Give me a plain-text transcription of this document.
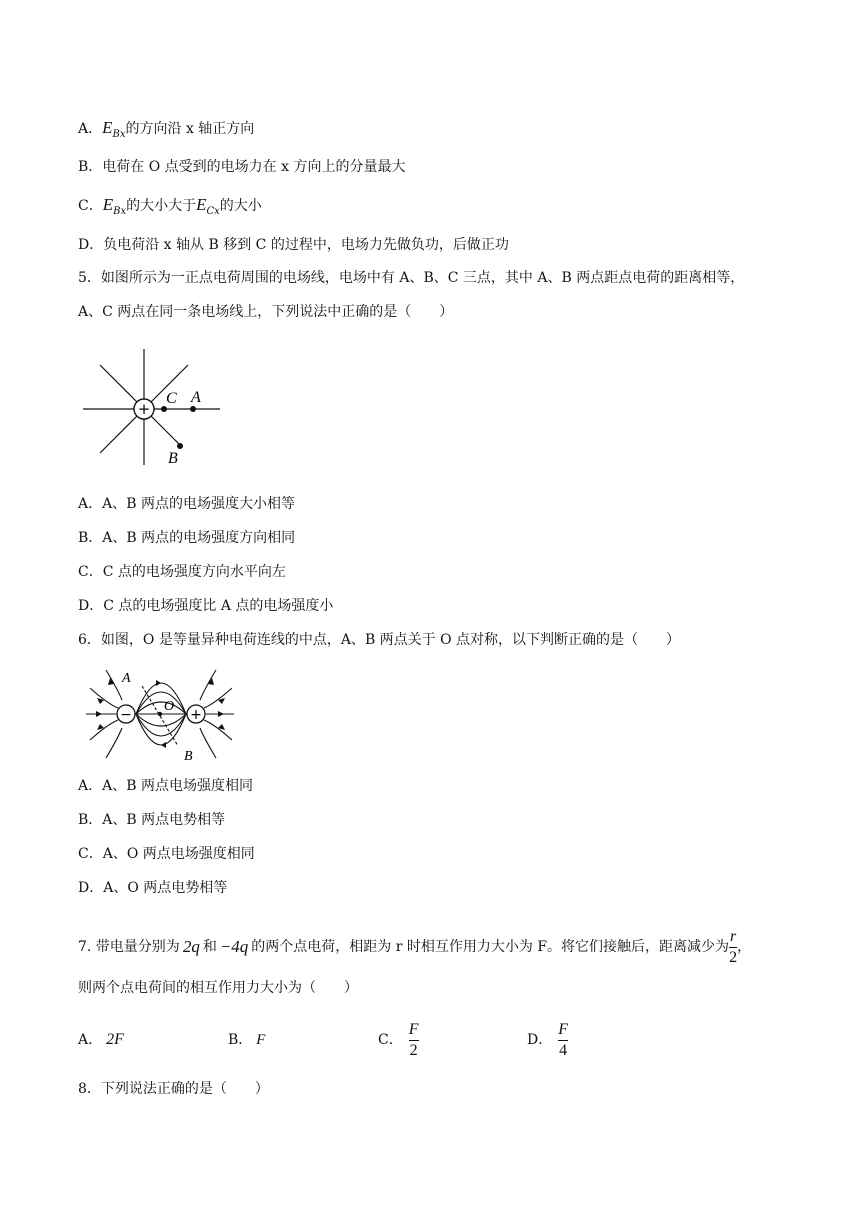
A．$E_{Bx}$的方向沿 x 轴正方向
B．电荷在 O 点受到的电场力在 x 方向上的分量最大
C．$E_{Bx}$的大小大于$E_{Cx}$的大小
D．负电荷沿 x 轴从 B 移到 C 的过程中，电场力先做负功，后做正功
5．如图所示为一正点电荷周围的电场线，电场中有 A、B、C 三点，其中 A、B 两点距点电荷的距离相等，
A、C 两点在同一条电场线上，下列说法中正确的是（　　）
+
C A
B
A．A、B 两点的电场强度大小相等
B．A、B 两点的电场强度方向相同
C．C 点的电场强度方向水平向左
D．C 点的电场强度比 A 点的电场强度小
6．如图，O 是等量异种电荷连线的中点，A、B 两点关于 O 点对称，以下判断正确的是（　　）
−	+
A
O
B
A．A、B 两点电场强度相同
B．A、B 两点电势相等
C．A、O 两点电场强度相同
D．A、O 两点电势相等
7. 带电量分别为 2q 和 −4q 的两个点电荷，相距为 r 时相互作用力大小为 F。将它们接触后，距离减少为 $\frac{r}{2}$ ，
则两个点电荷间的相互作用力大小为（　　）
A． 2F	B． F	C． $\frac{F}{2}$	D． $\frac{F}{4}$
8．下列说法正确的是（　　）
